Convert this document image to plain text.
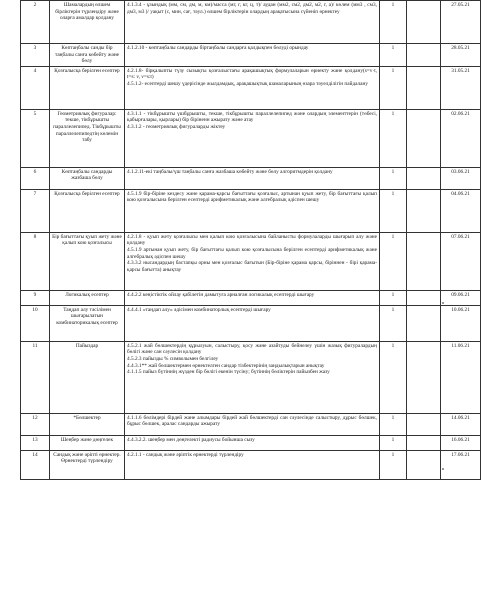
2	Шамалардың өлшем бірліктерін түрлендіру және оларға амалдар қолдану	4.1.3.4 - ұзындық (мм, см, дм, м, км)/масса (мг, г, кг, ц, т)/ аудан (мм2, см2, дм2, м2, г, а)/ көлем (мм3 , см3, дм3, м3 )/ уақыт (с, мин, сағ, тәул.) өлшем бірліктерін олардың арақатысына сүйеніп өрнектеу	1		27.05.21
3	Көптаңбалы санды бір таңбалы санға көбейту және бөлу	4.1.2.10 - көптаңбалы сандарды біртаңбалы сандарға қалдықпен бөлуді орындау	1		28.05.21
4	Қозғалысқа берілген есептер	4.2.1.8- бірқалыпты түзу сызықты қозғалыстағы арақашықтық формулаларын өрнекту және қолдану(s=v·t, t=s: v, v=s:t)
4.5.1.2- есептерді шешу үдерісінде жылдамдық, арақашықтық шамаларының өзара тәуелділігін пайдалану	1		31.05.21
5	Геометриялық фигуралар: текше, тікбұрышты параллелепипед. Тікбұрышты параллелепипедтің көлемін табу	4.3.1.1 - тікбұрышты үшбұрышты, текше, тікбұрышты параллелепипед және олардың элементтерін (төбесі, қабырғалары, қырлары) бір біріненн ажырату және атау
4.3.1.2 - геометриялық фигураларды жіктеу	1		02.06.21
6	Көптаңбалы сандарды жазбаша бөлу	4.1.2.11-екі таңбалы/үш таңбалы санға жазбаша көбейту және бөлу алгоритмдерін қолдану	1		03.06.21
7	Қозғалысқа берілген есептер	4.5.1.9 бір-біріне кездесу және қарама-қарсы бағыттағы қозғалыс, артынан қуып жету, бір бағыттағы қалып кою қозғалысына берілген есептерді арифметикалық және алгебралық әдіспен шешу	1		04.06.21
8	Бір бағыттағы қуып жету және қалып кою қозғалысы	4.2.1.8 - қуып жету қозғалысы мен қалып кою қозғалысына байланысты формулаларды шығарып алу және қолдану
4.5.1.9 артынан қуып жету, бір бағыттағы қалып кою қозғалысына берілген есептерді арифметикалық және алгебралық әдіспен шешу
4.3.3.2 нысандардың бастапқы орны мен қозғалыс бағытын (Бір-біріне қарама қарсы, біріннен - бірі қарама-қарсы бағытта) анықтау	1		07.06.21
9	Логикалық есептер	4.4.2.2 кеңістіктік ойлау қабілетін дамытуға арналған логикалық есептерді шығару	1		09.06.21
10	Таңдап алу тәсілімен шығарылатын комбинаторикалық есептер	4.4.4.1 «таңдап алу» әдісімен комбинаторлық есептерді шығару	1		10.06.21
11	Пайыздар	4.5.2.1 жай бөлшектердің құрылуын, салыстыру, қосу және азайтуды бейнелеу үшін жазық фигуралардың бөлігі және сан сәулесін қолдану
4.5.2.3 пайызды % символымен белгілеу
4.4.3.1** жай бөлшектермен өрнектелген сандар тізбектерінің заңдылықтарын анықтау
4.1.1.5 пайыз бүтіннің жүзден бір бөлігі екенін түсіну; бүтіннің бөліктерін пайызбен жазу	1		11.06.21
12	*Бөлшектер	4.1.1.6 бөлімдері бірдей және алымдары бірдей жай бөлшектерді сан сәулесінде салыстыру, дұрыс бөлшек, бұрыс бөлшек, аралас сандарды ажырату	1		14.06.21
13	Шеңбер және дөңгелек	4.4.3.2.2. шеңбер мен дөңгелекті радиусы бойынша сызу	1		16.06.21
14	Сандық және әріпті өрнектер. Өрнектерді түрлендіру	4.2.1.1 - сандық және әріптік өрнектерді түрлендіру	1		17.06.21
